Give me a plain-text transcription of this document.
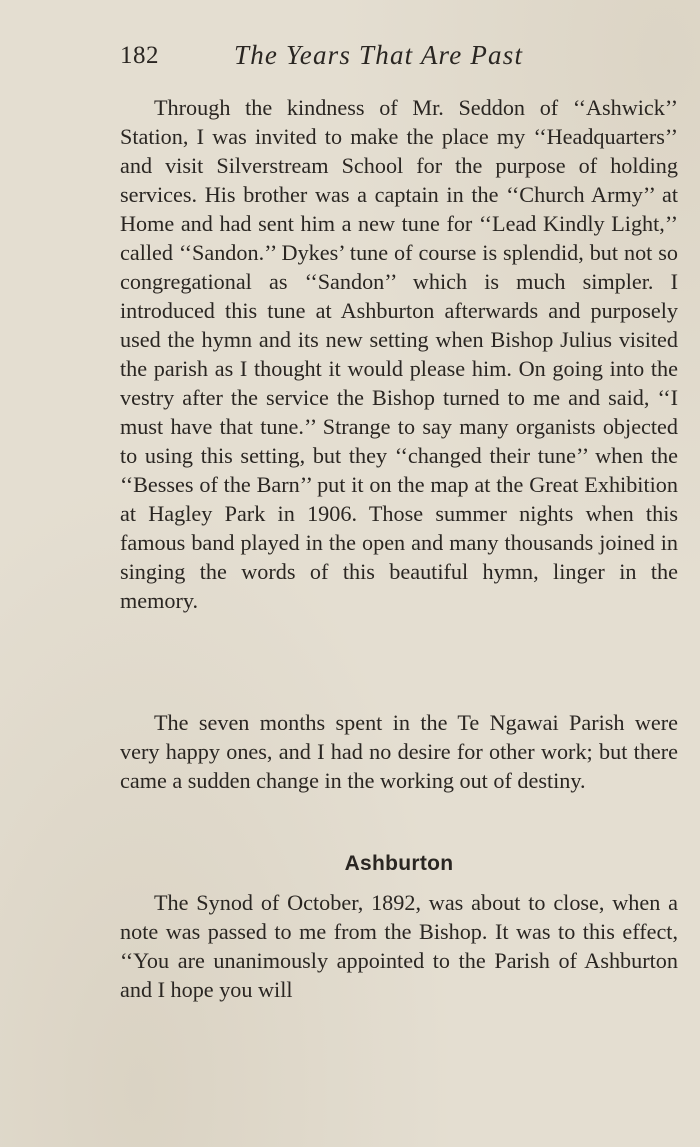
182	The Years That Are Past

Through the kindness of Mr. Seddon of ‘‘Ashwick’’ Station, I was invited to make the place my ‘‘Headquarters’’ and visit Silverstream School for the purpose of holding services. His brother was a captain in the ‘‘Church Army’’ at Home and had sent him a new tune for ‘‘Lead Kindly Light,’’ called ‘‘Sandon.’’ Dykes’ tune of course is splendid, but not so congregational as ‘‘Sandon’’ which is much simpler. I introduced this tune at Ashburton afterwards and purposely used the hymn and its new setting when Bishop Julius visited the parish as I thought it would please him. On going into the vestry after the service the Bishop turned to me and said, ‘‘I must have that tune.’’ Strange to say many organists objected to using this setting, but they ‘‘changed their tune’’ when the ‘‘Besses of the Barn’’ put it on the map at the Great Exhibition at Hagley Park in 1906. Those summer nights when this famous band played in the open and many thousands joined in singing the words of this beautiful hymn, linger in the memory.

The seven months spent in the Te Ngawai Parish were very happy ones, and I had no desire for other work; but there came a sudden change in the working out of destiny.

Ashburton

The Synod of October, 1892, was about to close, when a note was passed to me from the Bishop. It was to this effect, ‘‘You are unanimously appointed to the Parish of Ashburton and I hope you will
